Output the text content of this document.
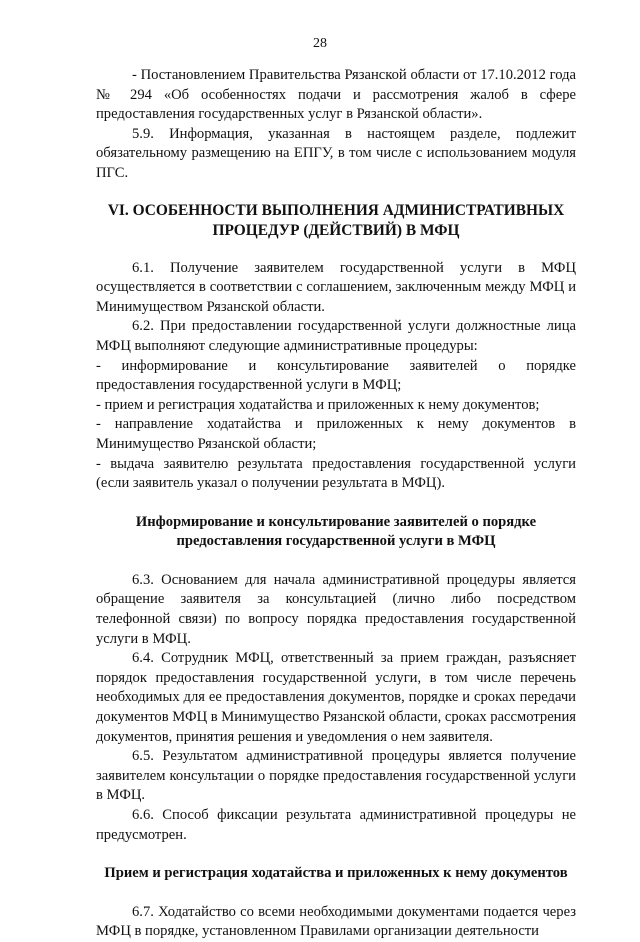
28

- Постановлением Правительства Рязанской области от 17.10.2012 года № 294 «Об особенностях подачи и рассмотрения жалоб в сфере предоставления государственных услуг в Рязанской области».

5.9. Информация, указанная в настоящем разделе, подлежит обязательному размещению на ЕПГУ, в том числе с использованием модуля ПГС.

VI. ОСОБЕННОСТИ ВЫПОЛНЕНИЯ АДМИНИСТРАТИВНЫХ ПРОЦЕДУР (ДЕЙСТВИЙ) В МФЦ

6.1. Получение заявителем государственной услуги в МФЦ осуществляется в соответствии с соглашением, заключенным между МФЦ и Минимуществом Рязанской области.

6.2. При предоставлении государственной услуги должностные лица МФЦ выполняют следующие административные процедуры:

- информирование и консультирование заявителей о порядке предоставления государственной услуги в МФЦ;

- прием и регистрация ходатайства и приложенных к нему документов;

- направление ходатайства и приложенных к нему документов в Минимущество Рязанской области;

- выдача заявителю результата предоставления государственной услуги (если заявитель указал о получении результата в МФЦ).

Информирование и консультирование заявителей о порядке предоставления государственной услуги в МФЦ

6.3. Основанием для начала административной процедуры является обращение заявителя за консультацией (лично либо посредством телефонной связи) по вопросу порядка предоставления государственной услуги в МФЦ.

6.4. Сотрудник МФЦ, ответственный за прием граждан, разъясняет порядок предоставления государственной услуги, в том числе перечень необходимых для ее предоставления документов, порядке и сроках передачи документов МФЦ в Минимущество Рязанской области, сроках рассмотрения документов, принятия решения и уведомления о нем заявителя.

6.5. Результатом административной процедуры является получение заявителем консультации о порядке предоставления государственной услуги в МФЦ.

6.6. Способ фиксации результата административной процедуры не предусмотрен.

Прием и регистрация ходатайства и приложенных к нему документов

6.7. Ходатайство со всеми необходимыми документами подается через МФЦ в порядке, установленном Правилами организации деятельности
